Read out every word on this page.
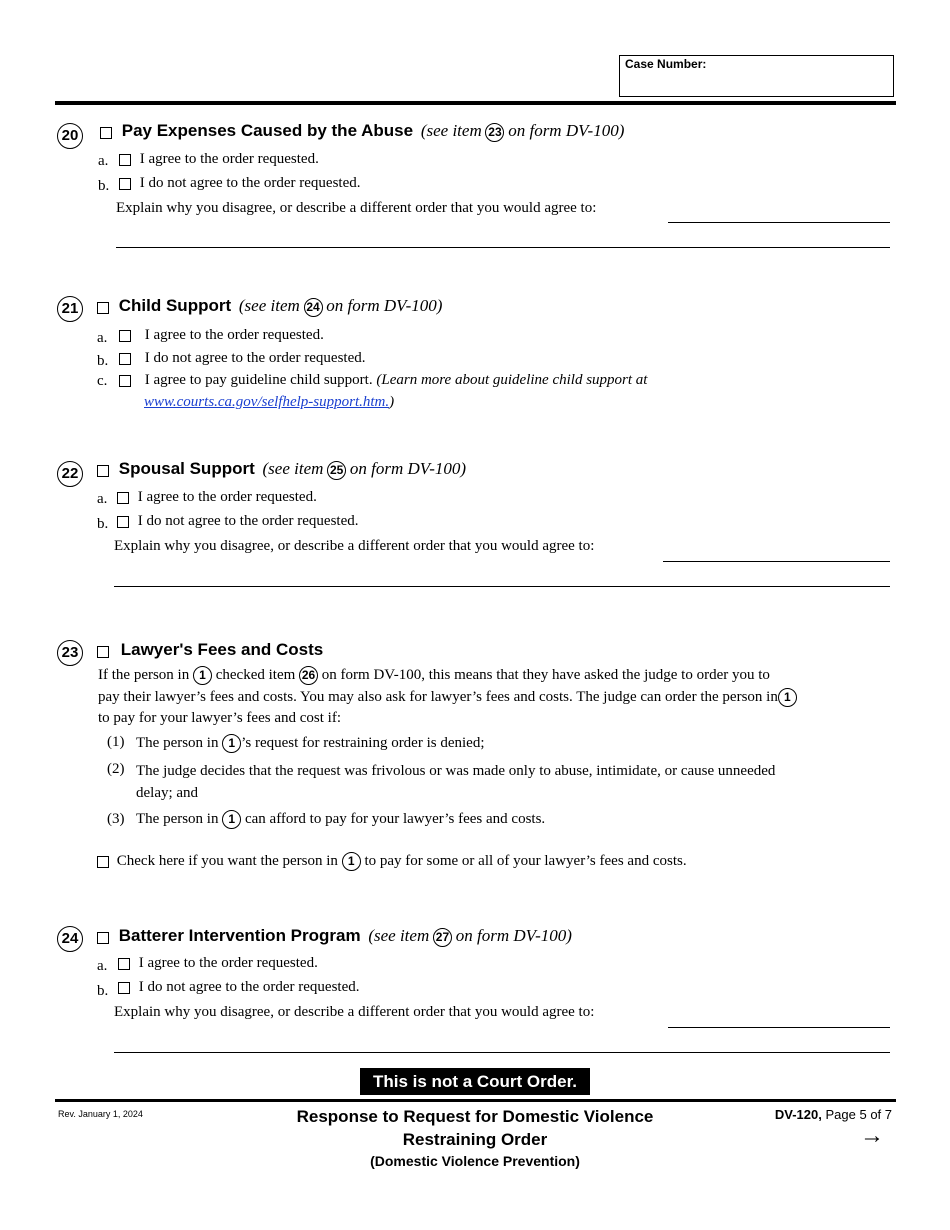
Case Number:
20	Pay Expenses Caused by the Abuse (see item 23 on form DV-100)
a.	I agree to the order requested.
b.	I do not agree to the order requested.
Explain why you disagree, or describe a different order that you would agree to:
21	Child Support (see item 24 on form DV-100)
a.	I agree to the order requested.
b.	I do not agree to the order requested.
c.	I agree to pay guideline child support. (Learn more about guideline child support at
www.courts.ca.gov/selfhelp-support.htm.)
22	Spousal Support (see item 25 on form DV-100)
a.	I agree to the order requested.
b.	I do not agree to the order requested.
Explain why you disagree, or describe a different order that you would agree to:
23	Lawyer's Fees and Costs
If the person in 1 checked item 26 on form DV-100, this means that they have asked the judge to order you to
pay their lawyer’s fees and costs. You may also ask for lawyer’s fees and costs. The judge can order the person in 1
to pay for your lawyer’s fees and cost if:
(1) The person in 1 ’s request for restraining order is denied;
(2) The judge decides that the request was frivolous or was made only to abuse, intimidate, or cause unneeded
delay; and
(3) The person in 1 can afford to pay for your lawyer’s fees and costs.
Check here if you want the person in 1 to pay for some or all of your lawyer’s fees and costs.
24	Batterer Intervention Program (see item 27 on form DV-100)
a.	I agree to the order requested.
b.	I do not agree to the order requested.
Explain why you disagree, or describe a different order that you would agree to:
This is not a Court Order.
Rev. January 1, 2024	Response to Request for Domestic Violence
Restraining Order
(Domestic Violence Prevention)
DV-120, Page 5 of 7
→
